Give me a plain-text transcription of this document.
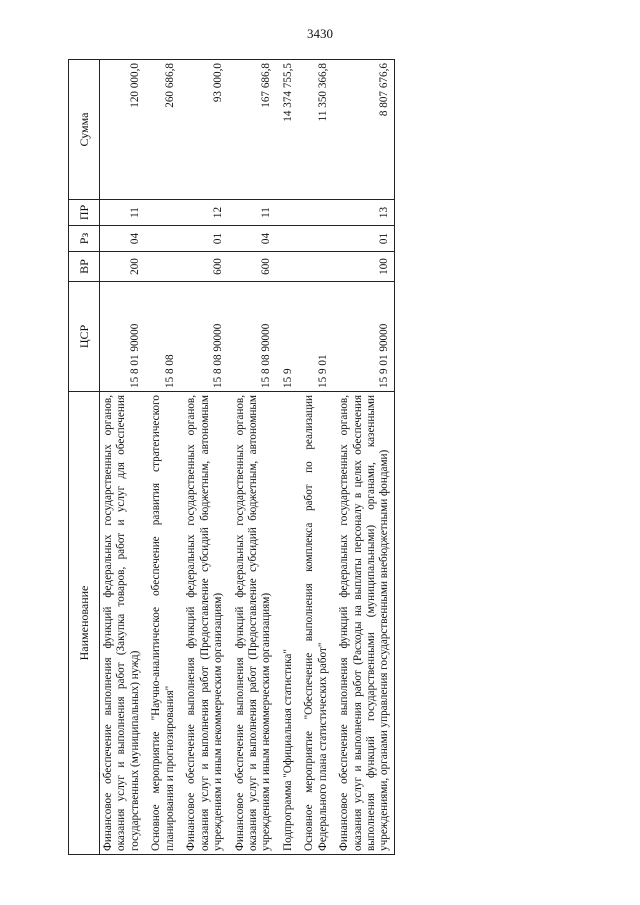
3430
Наименование	ЦСР	ВР	Рз	ПР	Сумма
Финансовое обеспечение выполнения функций федеральных государственных органов, оказания услуг и выполнения работ (Закупка товаров, работ и услуг для обеспечения государственных (муниципальных) нужд)	15 8 01 90000	200	04	11	120 000,0
Основное мероприятие "Научно-аналитическое обеспечение развития стратегического планирования и прогнозирования"	15 8 08				260 686,8
Финансовое обеспечение выполнения функций федеральных государственных органов, оказания услуг и выполнения работ (Предоставление субсидий бюджетным, автономным учреждениям и иным некоммерческим организациям)	15 8 08 90000	600	01	12	93 000,0
Финансовое обеспечение выполнения функций федеральных государственных органов, оказания услуг и выполнения работ (Предоставление субсидий бюджетным, автономным учреждениям и иным некоммерческим организациям)	15 8 08 90000	600	04	11	167 686,8
Подпрограмма "Официальная статистика"	15 9				14 374 755,5
Основное мероприятие "Обеспечение выполнения комплекса работ по реализации Федерального плана статистических работ"	15 9 01				11 350 366,8
Финансовое обеспечение выполнения функций федеральных государственных органов, оказания услуг и выполнения работ (Расходы на выплаты персоналу в целях обеспечения выполнения функций государственными (муниципальными) органами, казенными учреждениями, органами управления государственными внебюджетными фондами)	15 9 01 90000	100	01	13	8 807 676,6
